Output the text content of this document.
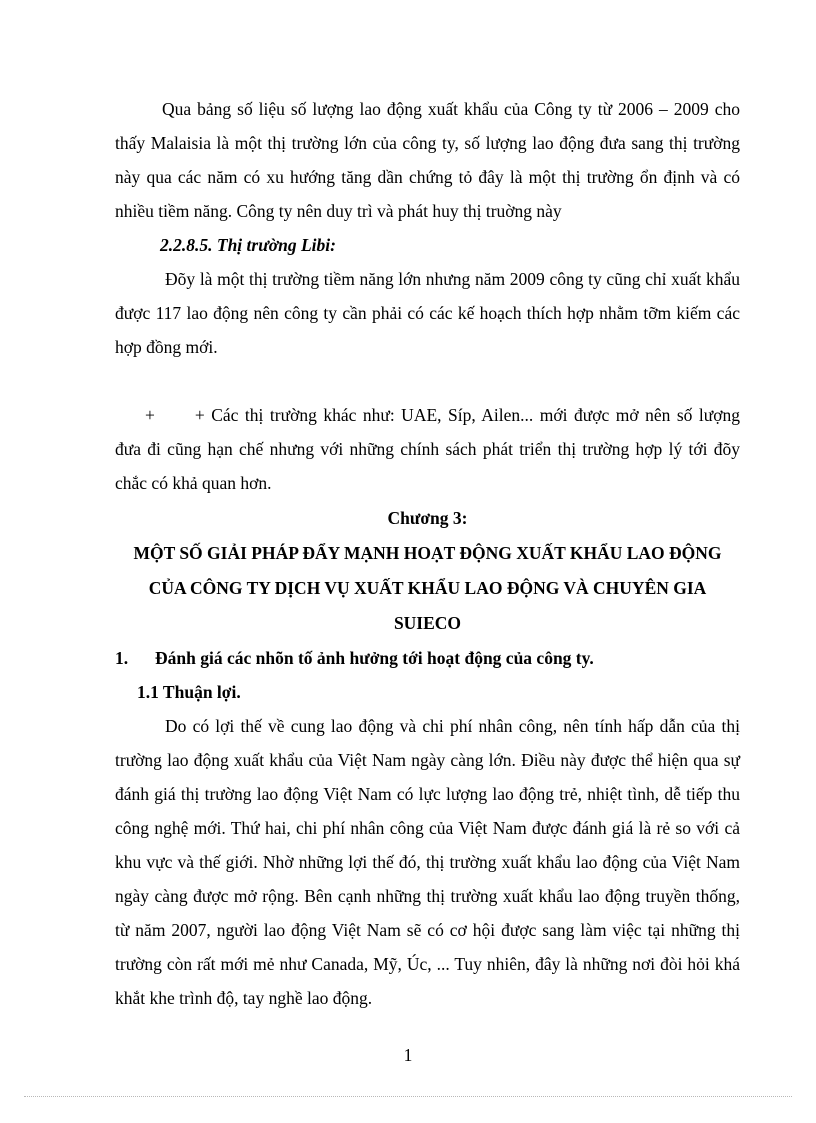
Qua bảng số liệu số lượng lao động xuất khẩu của Công ty từ 2006 – 2009 cho thấy Malaisia là một thị trường lớn của công ty, số lượng lao động đưa sang thị trường này qua các năm có xu hướng tăng dần chứng tỏ đây là một thị trường ổn định và có nhiều tiềm năng. Công ty nên duy trì và phát huy thị truờng này

2.2.8.5. Thị trường Libi:

Đõy là một thị trường tiềm năng lớn nhưng năm 2009 công ty cũng chỉ xuất khẩu được 117 lao động nên công ty cần phải có các kế hoạch thích hợp nhằm tỡm kiếm các hợp đồng mới.

+ + Các thị trường khác như: UAE, Síp, Ailen... mới được mở nên số lượng đưa đi cũng hạn chế nhưng với những chính sách phát triển thị trường hợp lý tới đõy chắc có khả quan hơn.

Chương 3:

MỘT SỐ GIẢI PHÁP ĐẨY MẠNH HOẠT ĐỘNG XUẤT KHẨU LAO ĐỘNG CỦA CÔNG TY DỊCH VỤ XUẤT KHẨU LAO ĐỘNG VÀ CHUYÊN GIA SUIECO

1.	Đánh giá các nhõn tố ảnh hưởng tới hoạt động của công ty.

1.1 Thuận lợi.

Do có lợi thế về cung lao động và chi phí nhân công, nên tính hấp dẫn của thị trường lao động xuất khẩu của Việt Nam ngày càng lớn. Điều này được thể hiện qua sự đánh giá thị trường lao động Việt Nam có lực lượng lao động trẻ, nhiệt tình, dễ tiếp thu công nghệ mới. Thứ hai, chi phí nhân công của Việt Nam được đánh giá là rẻ so với cả khu vực và thế giới. Nhờ những lợi thế đó, thị trường xuất khẩu lao động của Việt Nam ngày càng được mở rộng. Bên cạnh những thị trường xuất khẩu lao động truyền thống, từ năm 2007, người lao động Việt Nam sẽ có cơ hội được sang làm việc tại những thị trường còn rất mới mẻ như Canada, Mỹ, Úc, ... Tuy nhiên, đây là những nơi đòi hỏi khá khắt khe trình độ, tay nghề lao động.

1
